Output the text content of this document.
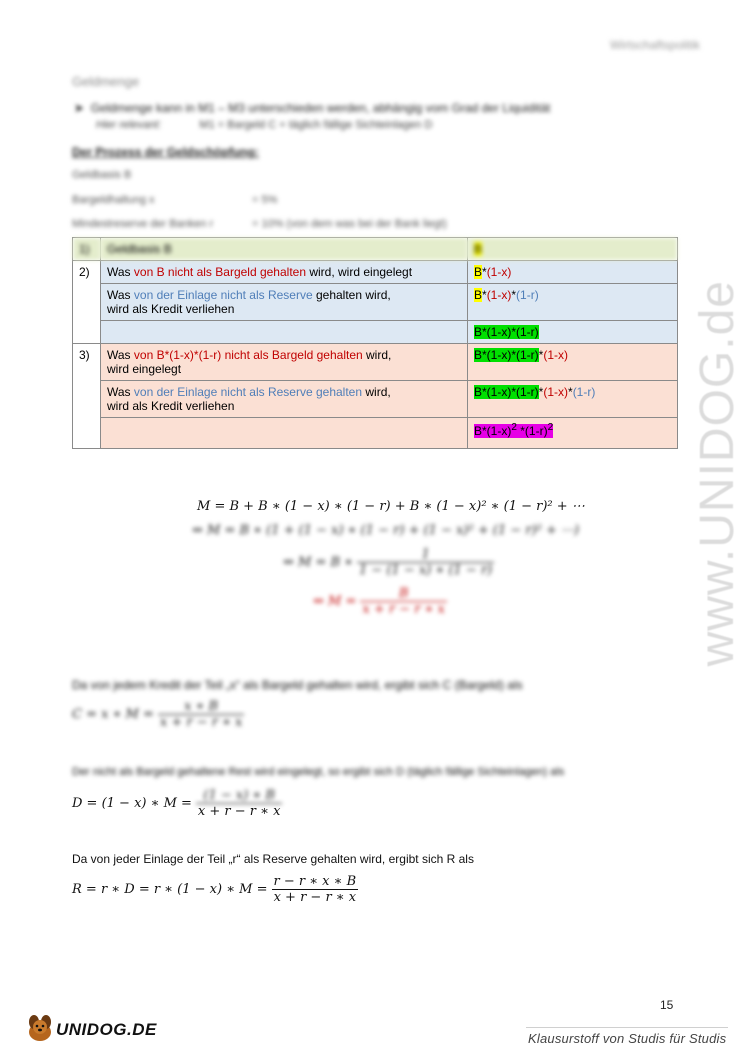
Wirtschaftspolitik
Geldmenge
➤  Geldmenge kann in M1 – M3 unterschieden werden, abhängig vom Grad der Liquidität
Hier relevant:	M1 = Bargeld C + täglich fällige Sichteinlagen D
Der Prozess der Geldschöpfung:
Geldbasis B
Bargeldhaltung x	= 5%
Mindestreserve der Banken r	= 10% (von dem was bei der Bank liegt)
1)	Geldbasis B	B
2)	Was von B nicht als Bargeld gehalten wird, wird eingelegt	B*(1-x)
	Was von der Einlage nicht als Reserve gehalten wird,
wird als Kredit verliehen	B*(1-x)*(1-r)
		B*(1-x)*(1-r)
3)	Was von B*(1-x)*(1-r) nicht als Bargeld gehalten wird,
wird eingelegt	B*(1-x)*(1-r)*(1-x)
	Was von der Einlage nicht als Reserve gehalten wird,
wird als Kredit verliehen	B*(1-x)*(1-r)*(1-x)*(1-r)
		$B*(1-x)^2$ $*(1-r)^2$
M = B + B ∗ (1 − x) ∗ (1 − r) + B ∗ (1 − x)² ∗ (1 − r)² + ⋯
⇔ M = B ∗ (1 + (1 − x) ∗ (1 − r) + (1 − x)² + (1 − r)² + ⋯)
⇔ M = B ∗ $\frac{1}{1 - (1 - x) ∗ (1 - r)}$
⇔ $M = \frac{B}{x + r - r ∗ x}$
Da von jedem Kredit der Teil „x“ als Bargeld gehalten wird, ergibt sich C (Bargeld) als
C = x ∗ $M = \frac{x ∗ B}{x + r - r ∗ x}$
Der nicht als Bargeld gehaltene Rest wird eingelegt, so ergibt sich D (täglich fällige Sichteinlagen) als
D = (1 − x) ∗ $M = \frac{(1 - x) ∗ B}{x + r - r ∗ x}$
Da von jeder Einlage der Teil „r“ als Reserve gehalten wird, ergibt sich R als
R = r ∗ D = r ∗ (1 − x) ∗ $M = \frac{r - r ∗ x ∗ B}{x + r - r ∗ x}$
www.UNIDOG.de
15
UNIDOG.DE	Klausurstoff von Studis für Studis
